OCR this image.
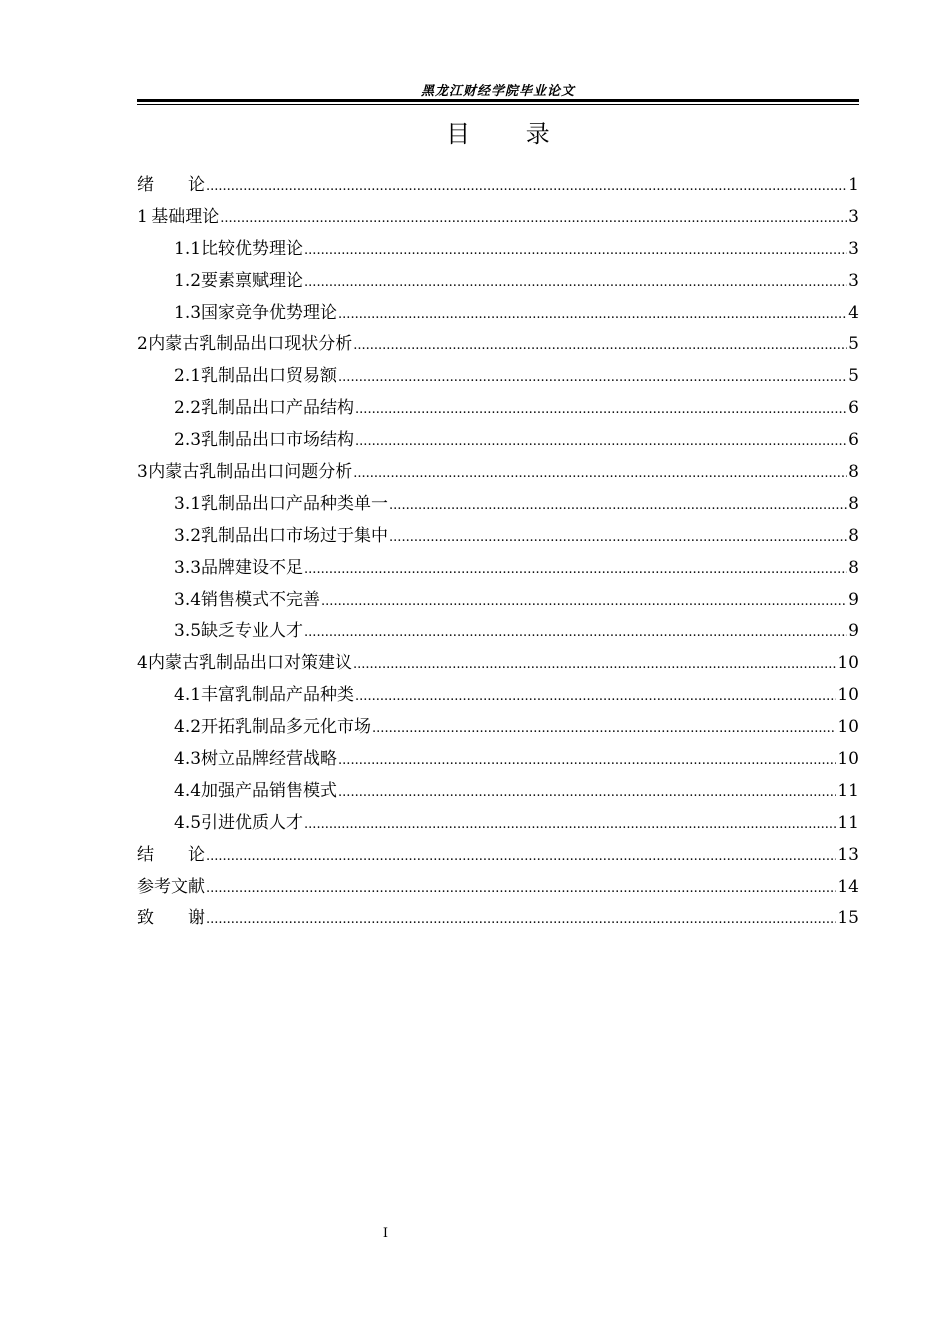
黑龙江财经学院毕业论文
目 录
绪　　论 .....	1
1 基础理论 .....	3
1.1 比较优势理论 .....	3
1.2 要素禀赋理论 .....	3
1.3 国家竞争优势理论 .....	4
2 内蒙古乳制品出口现状分析 .....	5
2.1 乳制品出口贸易额 .....	5
2.2 乳制品出口产品结构 .....	6
2.3 乳制品出口市场结构 .....	6
3 内蒙古乳制品出口问题分析 .....	8
3.1 乳制品出口产品种类单一 .....	8
3.2 乳制品出口市场过于集中 .....	8
3.3 品牌建设不足 .....	8
3.4 销售模式不完善 .....	9
3.5 缺乏专业人才 .....	9
4 内蒙古乳制品出口对策建议 .....	10
4.1 丰富乳制品产品种类 .....	10
4.2 开拓乳制品多元化市场 .....	10
4.3 树立品牌经营战略 .....	10
4.4 加强产品销售模式 .....	11
4.5 引进优质人才 .....	11
结　　论 .....	13
参考文献 .....	14
致　　谢 .....	15
I
